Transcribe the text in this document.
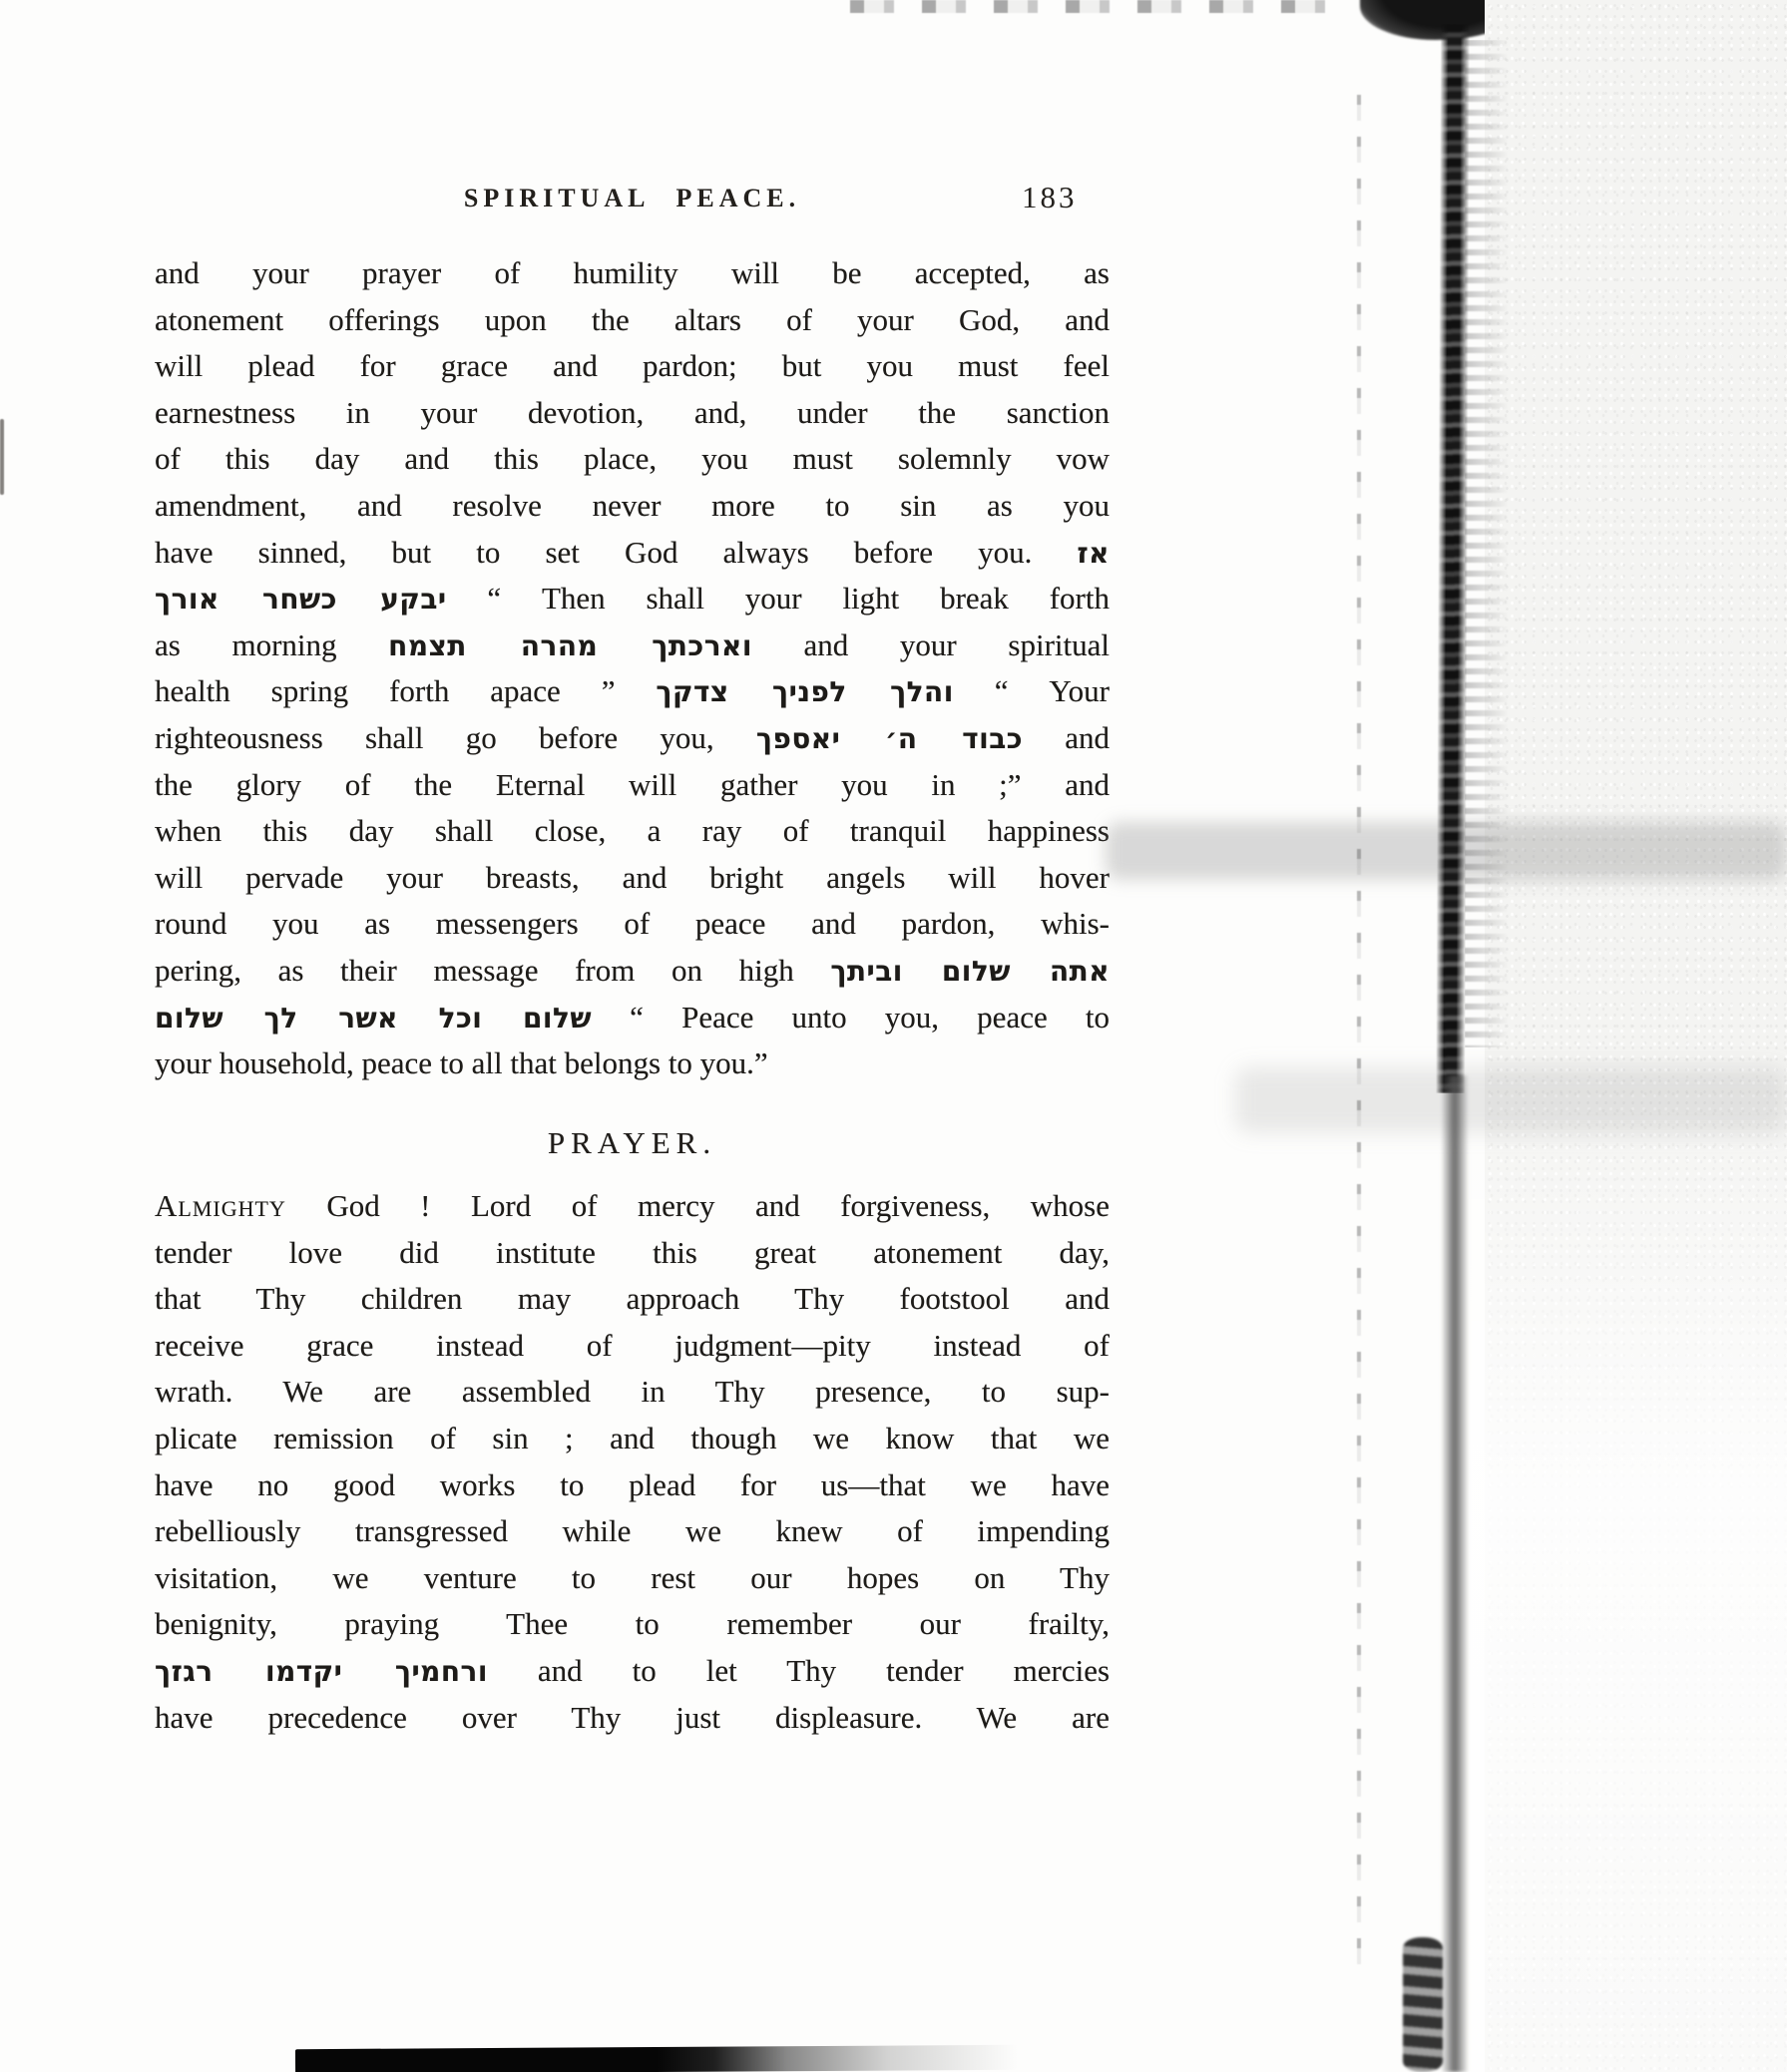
SPIRITUAL PEACE.	183
and your prayer of humility will be accepted, as
atonement offerings upon the altars of your God, and
will plead for grace and pardon; but you must feel
earnestness in your devotion, and, under the sanction
of this day and this place, you must solemnly vow
amendment, and resolve never more to sin as you
have sinned, but to set God always before you. אז
יבקע כשחר אורך “ Then shall your light break forth
as morning וארכתך מהרה תצמח and your spiritual
health spring forth apace ” והלך לפניך צדקך “ Your
righteousness shall go before you, כבוד ה׳ יאספך and
the glory of the Eternal will gather you in ;” and
when this day shall close, a ray of tranquil happiness
will pervade your breasts, and bright angels will hover
round you as messengers of peace and pardon, whis-
pering, as their message from on high אתה שלום וביתך
שלום וכל אשר לך שלום “ Peace unto you, peace to
your household, peace to all that belongs to you.”
PRAYER.
Almighty God ! Lord of mercy and forgiveness, whose
tender love did institute this great atonement day,
that Thy children may approach Thy footstool and
receive grace instead of judgment—pity instead of
wrath. We are assembled in Thy presence, to sup-
plicate remission of sin ; and though we know that we
have no good works to plead for us—that we have
rebelliously transgressed while we knew of impending
visitation, we venture to rest our hopes on Thy
benignity, praying Thee to remember our frailty,
ורחמיך יקדמו רגזך and to let Thy tender mercies
have precedence over Thy just displeasure. We are
